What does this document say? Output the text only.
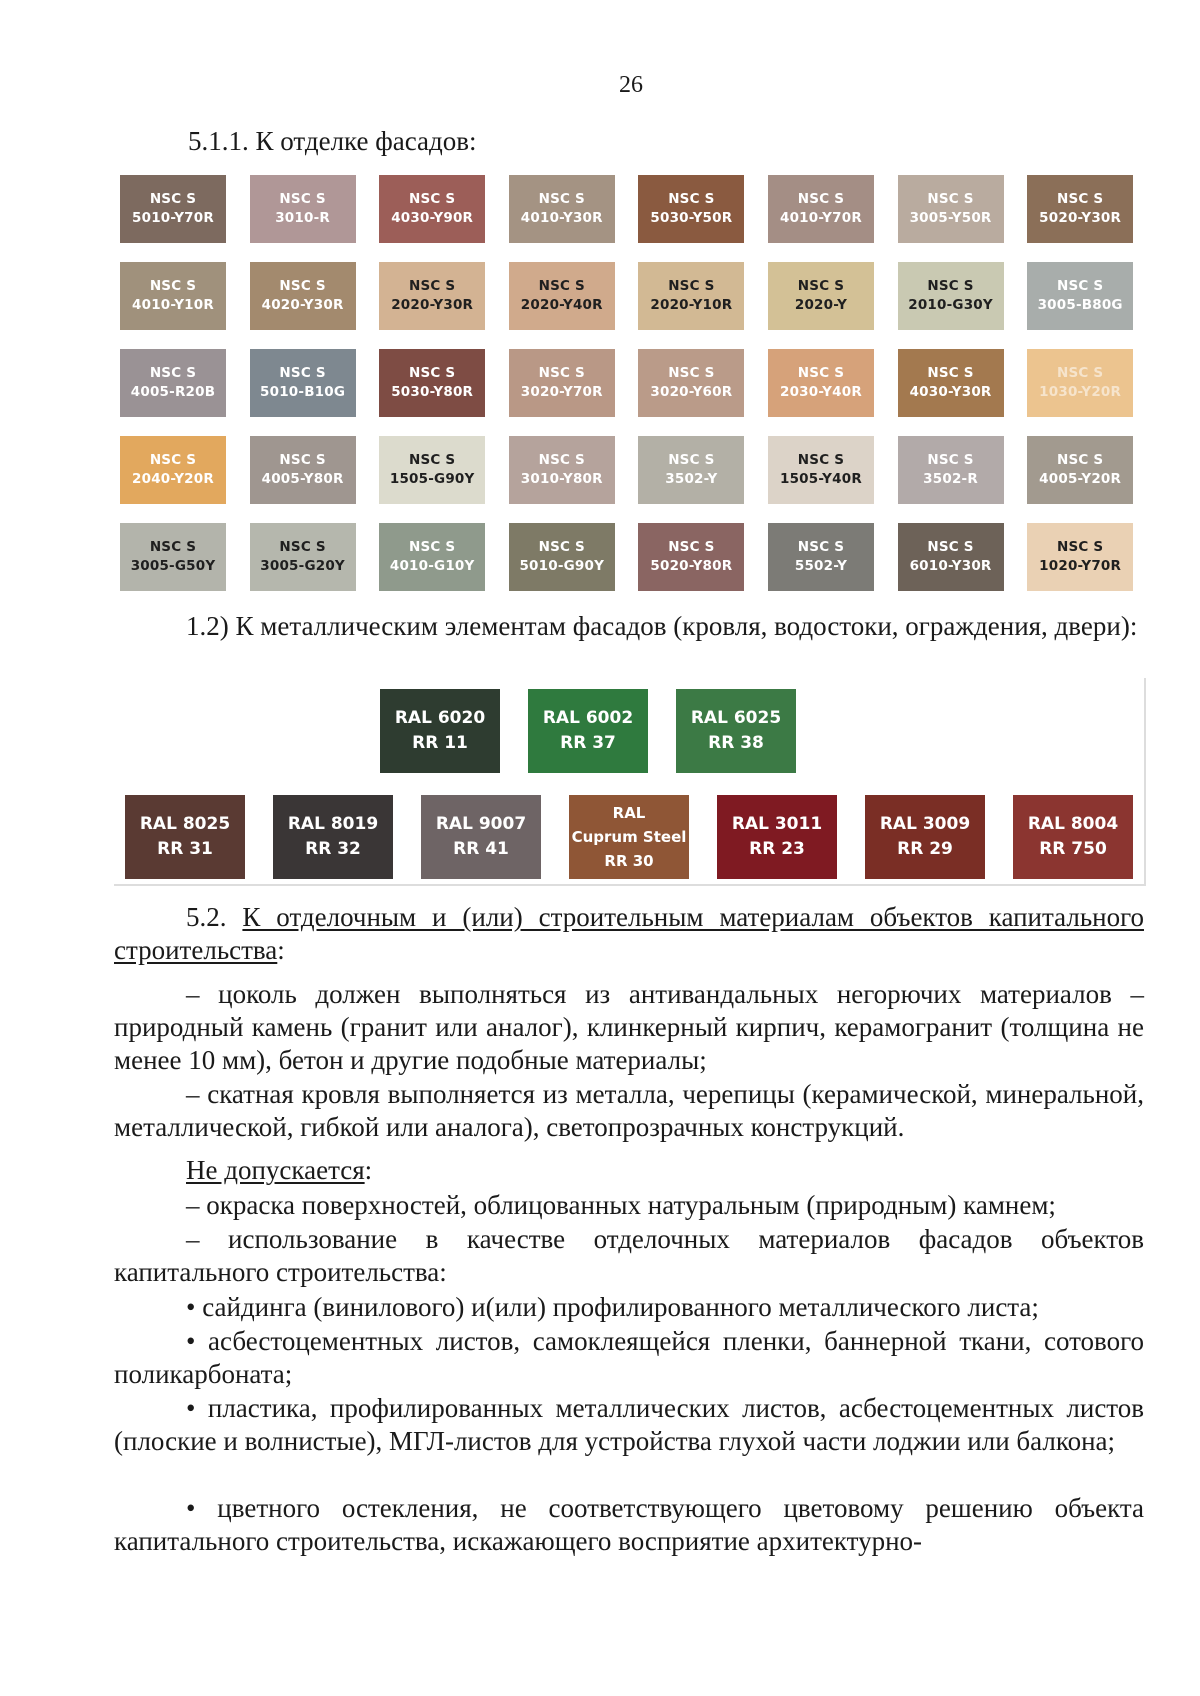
26
5.1.1. К отделке фасадов:
NSC S
5010-Y70R
NSC S
3010-R
NSC S
4030-Y90R
NSC S
4010-Y30R
NSC S
5030-Y50R
NSC S
4010-Y70R
NSC S
3005-Y50R
NSC S
5020-Y30R
NSC S
4010-Y10R
NSC S
4020-Y30R
NSC S
2020-Y30R
NSC S
2020-Y40R
NSC S
2020-Y10R
NSC S
2020-Y
NSC S
2010-G30Y
NSC S
3005-B80G
NSC S
4005-R20B
NSC S
5010-B10G
NSC S
5030-Y80R
NSC S
3020-Y70R
NSC S
3020-Y60R
NSC S
2030-Y40R
NSC S
4030-Y30R
NSC S
1030-Y20R
NSC S
2040-Y20R
NSC S
4005-Y80R
NSC S
1505-G90Y
NSC S
3010-Y80R
NSC S
3502-Y
NSC S
1505-Y40R
NSC S
3502-R
NSC S
4005-Y20R
NSC S
3005-G50Y
NSC S
3005-G20Y
NSC S
4010-G10Y
NSC S
5010-G90Y
NSC S
5020-Y80R
NSC S
5502-Y
NSC S
6010-Y30R
NSC S
1020-Y70R
1.2) К металлическим элементам фасадов (кровля, водостоки, ограждения, двери):
RAL 6020
RR 11
RAL 6002
RR 37
RAL 6025
RR 38
RAL 8025
RR 31
RAL 8019
RR 32
RAL 9007
RR 41
RAL
Cuprum Steel
RR 30
RAL 3011
RR 23
RAL 3009
RR 29
RAL 8004
RR 750
5.2. К отделочным и (или) строительным материалам объектов капитального строительства:
– цоколь должен выполняться из антивандальных негорючих материалов – природный камень (гранит или аналог), клинкерный кирпич, керамогранит (толщина не менее 10 мм), бетон и другие подобные материалы;
– скатная кровля выполняется из металла, черепицы (керамической, минеральной, металлической, гибкой или аналога), светопрозрачных конструкций.
Не допускается:
– окраска поверхностей, облицованных натуральным (природным) камнем;
– использование в качестве отделочных материалов фасадов объектов капитального строительства:
• сайдинга (винилового) и(или) профилированного металлического листа;
• асбестоцементных листов, самоклеящейся пленки, баннерной ткани, сотового поликарбоната;
• пластика, профилированных металлических листов, асбестоцементных листов (плоские и волнистые), МГЛ-листов для устройства глухой части лоджии или балкона;
• цветного остекления, не соответствующего цветовому решению объекта капитального строительства, искажающего восприятие архитектурно-
